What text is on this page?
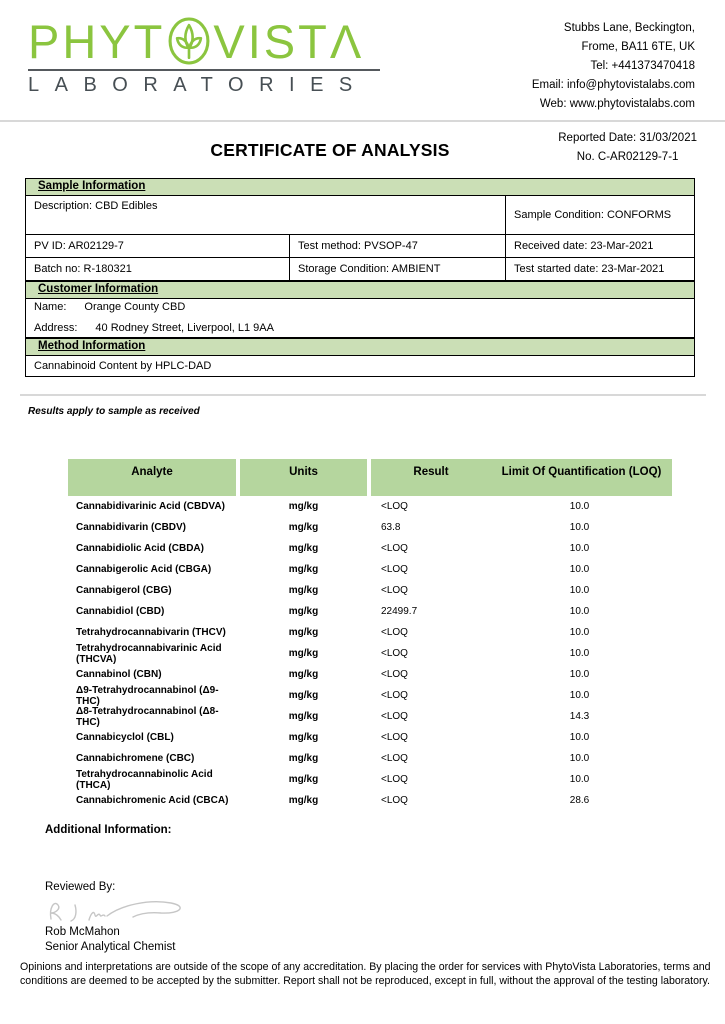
PHYT VISTΛ
LABORATORIES
Stubbs Lane, Beckington,
Frome, BA11 6TE, UK
Tel: +441373470418
Email: info@phytovistalabs.com
Web: www.phytovistalabs.com
CERTIFICATE OF ANALYSIS
Reported Date: 31/03/2021
No. C-AR02129-7-1
Sample Information
Description: CBD Edibles
Sample Condition: CONFORMS
PV ID: AR02129-7	Test method: PVSOP-47	Received date: 23-Mar-2021
Batch no: R-180321	Storage Condition: AMBIENT	Test started date: 23-Mar-2021
Customer Information
Name: Orange County CBD
Address: 40 Rodney Street, Liverpool, L1 9AA
Method Information
Cannabinoid Content by HPLC-DAD
Results apply to sample as received
Analyte	Units	Result	Limit Of Quantification (LOQ)
Cannabidivarinic Acid (CBDVA)	mg/kg	<LOQ	10.0
Cannabidivarin (CBDV)	mg/kg	63.8	10.0
Cannabidiolic Acid (CBDA)	mg/kg	<LOQ	10.0
Cannabigerolic Acid (CBGA)	mg/kg	<LOQ	10.0
Cannabigerol (CBG)	mg/kg	<LOQ	10.0
Cannabidiol (CBD)	mg/kg	22499.7	10.0
Tetrahydrocannabivarin (THCV)	mg/kg	<LOQ	10.0
Tetrahydrocannabivarinic Acid (THCVA)	mg/kg	<LOQ	10.0
Cannabinol (CBN)	mg/kg	<LOQ	10.0
Δ9-Tetrahydrocannabinol (Δ9-THC)	mg/kg	<LOQ	10.0
Δ8-Tetrahydrocannabinol (Δ8-THC)	mg/kg	<LOQ	14.3
Cannabicyclol (CBL)	mg/kg	<LOQ	10.0
Cannabichromene (CBC)	mg/kg	<LOQ	10.0
Tetrahydrocannabinolic Acid (THCA)	mg/kg	<LOQ	10.0
Cannabichromenic Acid (CBCA)	mg/kg	<LOQ	28.6
Additional Information:
Reviewed By:
Rob McMahon
Senior Analytical Chemist
Opinions and interpretations are outside of the scope of any accreditation. By placing the order for services with PhytoVista Laboratories, terms and conditions are deemed to be accepted by the submitter. Report shall not be reproduced, except in full, without the approval of the testing laboratory.
